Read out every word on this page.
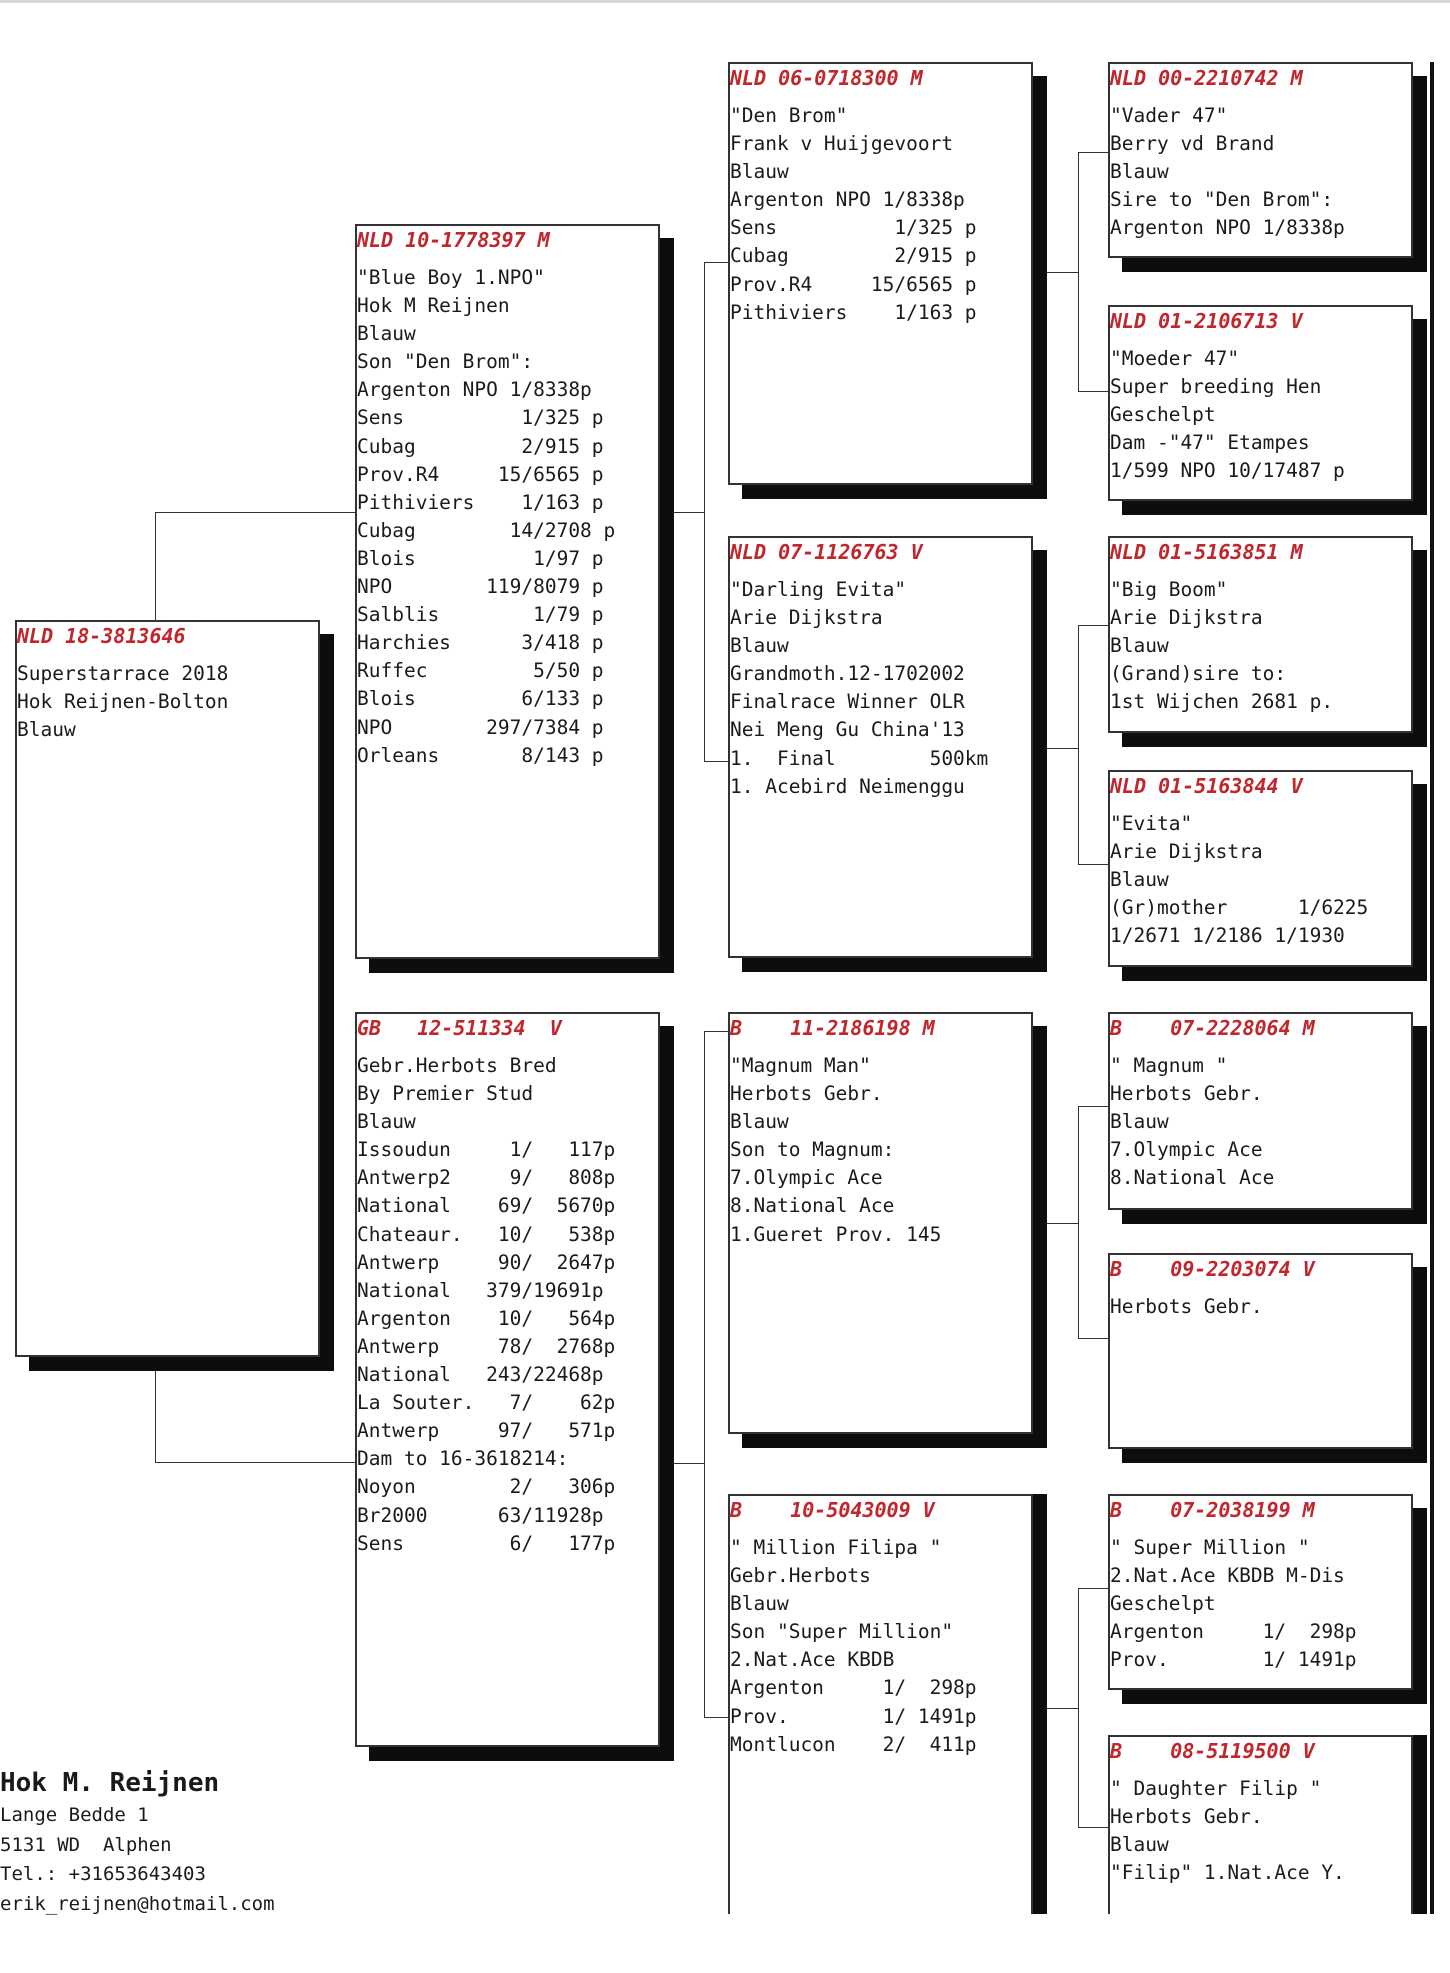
NLD 18-3813646
Superstarrace 2018
Hok Reijnen-Bolton
Blauw
NLD 10-1778397 M
"Blue Boy 1.NPO"
Hok M Reijnen
Blauw
Son "Den Brom":
Argenton NPO 1/8338p
Sens          1/325 p
Cubag         2/915 p
Prov.R4     15/6565 p
Pithiviers    1/163 p
Cubag        14/2708 p
Blois          1/97 p
NPO        119/8079 p
Salblis        1/79 p
Harchies      3/418 p
Ruffec         5/50 p
Blois         6/133 p
NPO        297/7384 p
Orleans       8/143 p
GB   12-511334  V
Gebr.Herbots Bred
By Premier Stud
Blauw
Issoudun     1/   117p
Antwerp2     9/   808p
National    69/  5670p
Chateaur.   10/   538p
Antwerp     90/  2647p
National   379/19691p
Argenton    10/   564p
Antwerp     78/  2768p
National   243/22468p
La Souter.   7/    62p
Antwerp     97/   571p
Dam to 16-3618214:
Noyon        2/   306p
Br2000      63/11928p
Sens         6/   177p
NLD 06-0718300 M
"Den Brom"
Frank v Huijgevoort
Blauw
Argenton NPO 1/8338p
Sens          1/325 p
Cubag         2/915 p
Prov.R4     15/6565 p
Pithiviers    1/163 p
NLD 07-1126763 V
"Darling Evita"
Arie Dijkstra
Blauw
Grandmoth.12-1702002
Finalrace Winner OLR
Nei Meng Gu China'13
1.  Final        500km
1. Acebird Neimenggu
B    11-2186198 M
"Magnum Man"
Herbots Gebr.
Blauw
Son to Magnum:
7.Olympic Ace
8.National Ace
1.Gueret Prov. 145
B    10-5043009 V
" Million Filipa "
Gebr.Herbots
Blauw
Son "Super Million"
2.Nat.Ace KBDB
Argenton     1/  298p
Prov.        1/ 1491p
Montlucon    2/  411p
NLD 00-2210742 M
"Vader 47"
Berry vd Brand
Blauw
Sire to "Den Brom":
Argenton NPO 1/8338p
NLD 01-2106713 V
"Moeder 47"
Super breeding Hen
Geschelpt
Dam -"47" Etampes
1/599 NPO 10/17487 p
NLD 01-5163851 M
"Big Boom"
Arie Dijkstra
Blauw
(Grand)sire to:
1st Wijchen 2681 p.
NLD 01-5163844 V
"Evita"
Arie Dijkstra
Blauw
(Gr)mother      1/6225
1/2671 1/2186 1/1930
B    07-2228064 M
" Magnum "
Herbots Gebr.
Blauw
7.Olympic Ace
8.National Ace
B    09-2203074 V
Herbots Gebr.
B    07-2038199 M
" Super Million "
2.Nat.Ace KBDB M-Dis
Geschelpt
Argenton     1/  298p
Prov.        1/ 1491p
B    08-5119500 V
" Daughter Filip "
Herbots Gebr.
Blauw
"Filip" 1.Nat.Ace Y.
Hok M. Reijnen
Lange Bedde 1
5131 WD  Alphen
Tel.: +31653643403
erik_reijnen@hotmail.com
